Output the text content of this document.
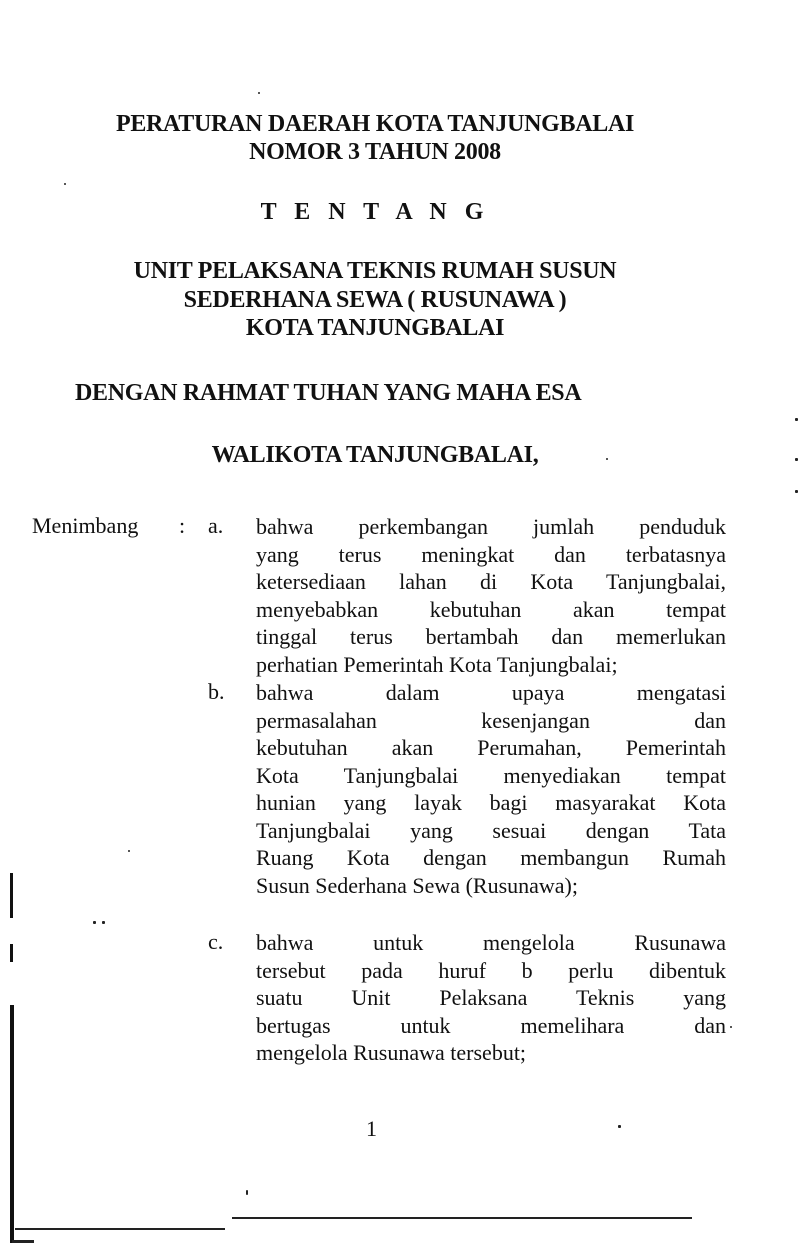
PERATURAN DAERAH KOTA TANJUNGBALAI
NOMOR 3 TAHUN 2008
T E N T A N G
UNIT PELAKSANA TEKNIS RUMAH SUSUN
SEDERHANA SEWA ( RUSUNAWA )
KOTA TANJUNGBALAI
DENGAN RAHMAT TUHAN YANG MAHA ESA
WALIKOTA TANJUNGBALAI,
Menimbang : a. bahwa perkembangan jumlah penduduk
yang terus meningkat dan terbatasnya
ketersediaan lahan di Kota Tanjungbalai,
menyebabkan kebutuhan akan tempat
tinggal terus bertambah dan memerlukan
perhatian Pemerintah Kota Tanjungbalai;
b. bahwa dalam upaya mengatasi
permasalahan kesenjangan dan
kebutuhan akan Perumahan, Pemerintah
Kota Tanjungbalai menyediakan tempat
hunian yang layak bagi masyarakat Kota
Tanjungbalai yang sesuai dengan Tata
Ruang Kota dengan membangun Rumah
Susun Sederhana Sewa (Rusunawa);
c. bahwa untuk mengelola Rusunawa
tersebut pada huruf b perlu dibentuk
suatu Unit Pelaksana Teknis yang
bertugas untuk memelihara dan
mengelola Rusunawa tersebut;
1
